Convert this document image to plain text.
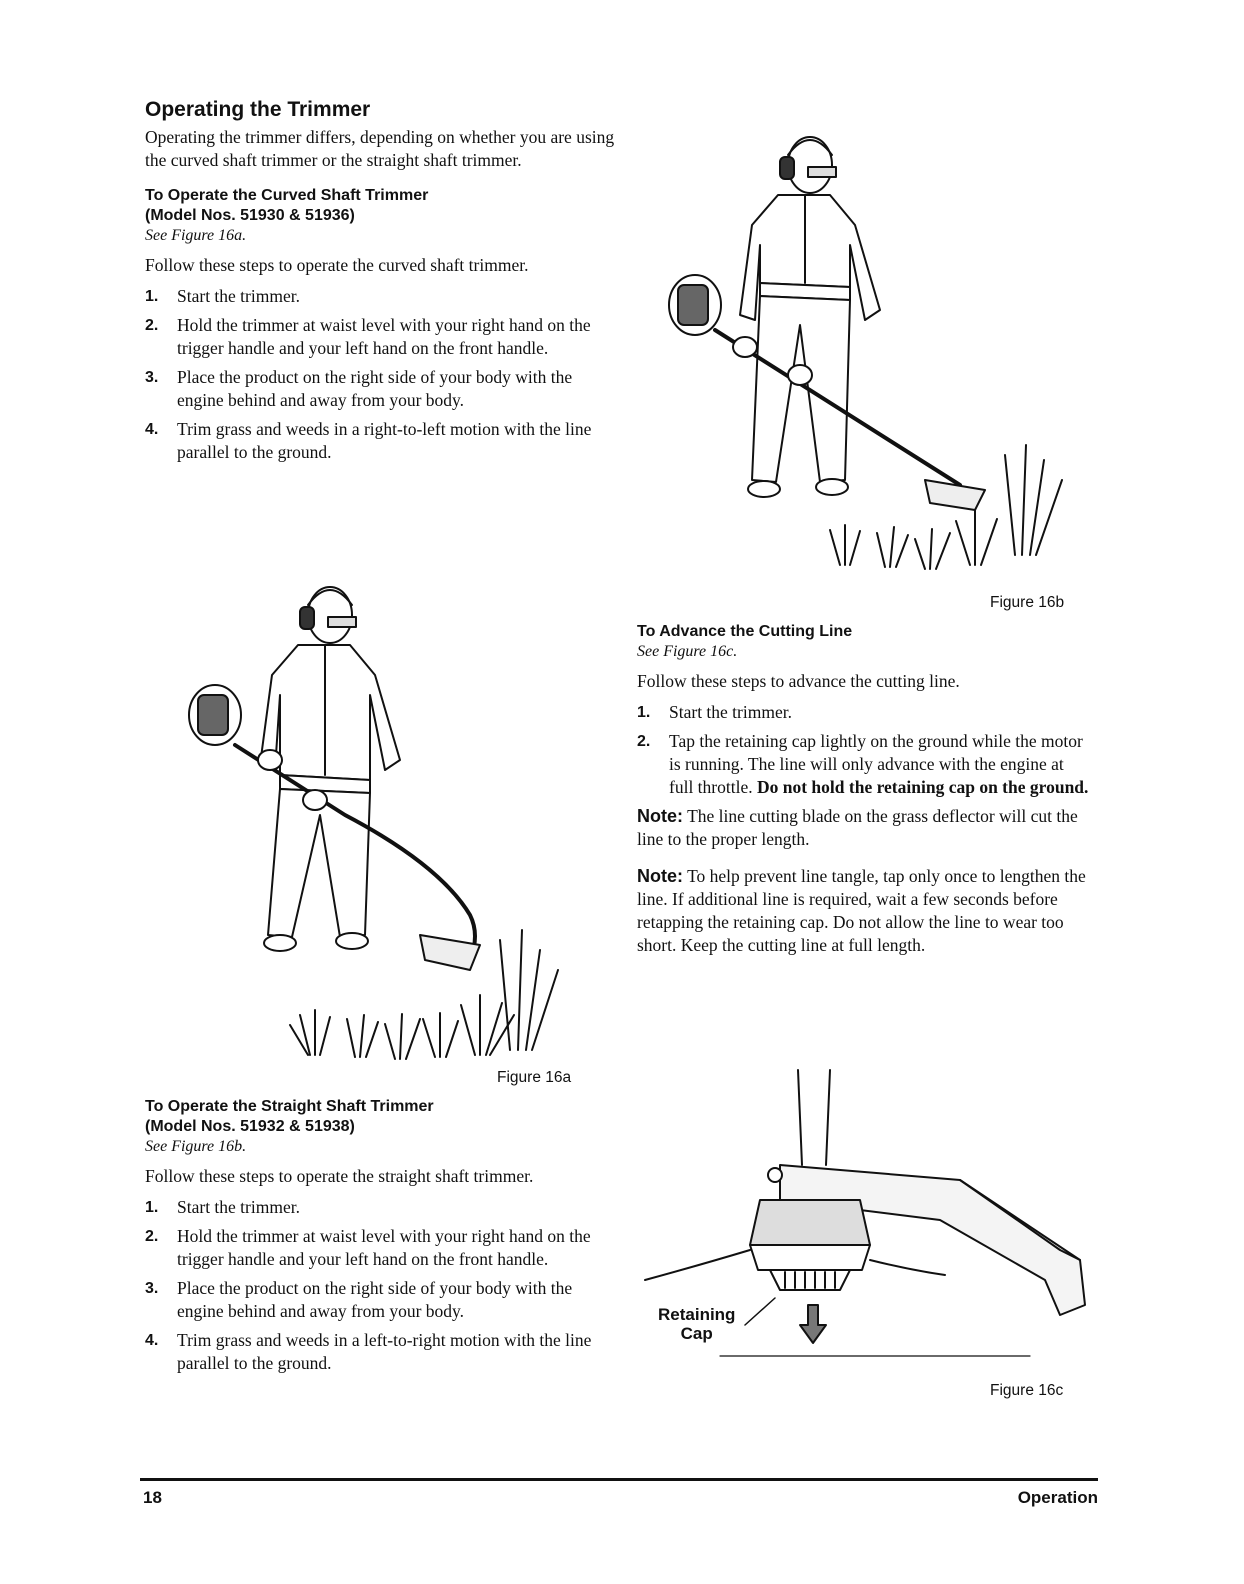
Operating the Trimmer

Operating the trimmer differs, depending on whether you are using the curved shaft trimmer or the straight shaft trimmer.

To Operate the Curved Shaft Trimmer
(Model Nos. 51930 & 51936)
See Figure 16a.

Follow these steps to operate the curved shaft trimmer.

1. Start the trimmer.
2. Hold the trimmer at waist level with your right hand on the trigger handle and your left hand on the front handle.
3. Place the product on the right side of your body with the engine behind and away from your body.
4. Trim grass and weeds in a right-to-left motion with the line parallel to the ground.
Figure 16a
To Operate the Straight Shaft Trimmer
(Model Nos. 51932 & 51938)
See Figure 16b.

Follow these steps to operate the straight shaft trimmer.

1. Start the trimmer.
2. Hold the trimmer at waist level with your right hand on the trigger handle and your left hand on the front handle.
3. Place the product on the right side of your body with the engine behind and away from your body.
4. Trim grass and weeds in a left-to-right motion with the line parallel to the ground.
Figure 16b
To Advance the Cutting Line
See Figure 16c.

Follow these steps to advance the cutting line.

1. Start the trimmer.
2. Tap the retaining cap lightly on the ground while the motor is running. The line will only advance with the engine at full throttle. Do not hold the retaining cap on the ground.

Note: The line cutting blade on the grass deflector will cut the line to the proper length.

Note: To help prevent line tangle, tap only once to lengthen the line. If additional line is required, wait a few seconds before retapping the retaining cap. Do not allow the line to wear too short. Keep the cutting line at full length.

Retaining
Cap
Figure 16c
18	Operation
